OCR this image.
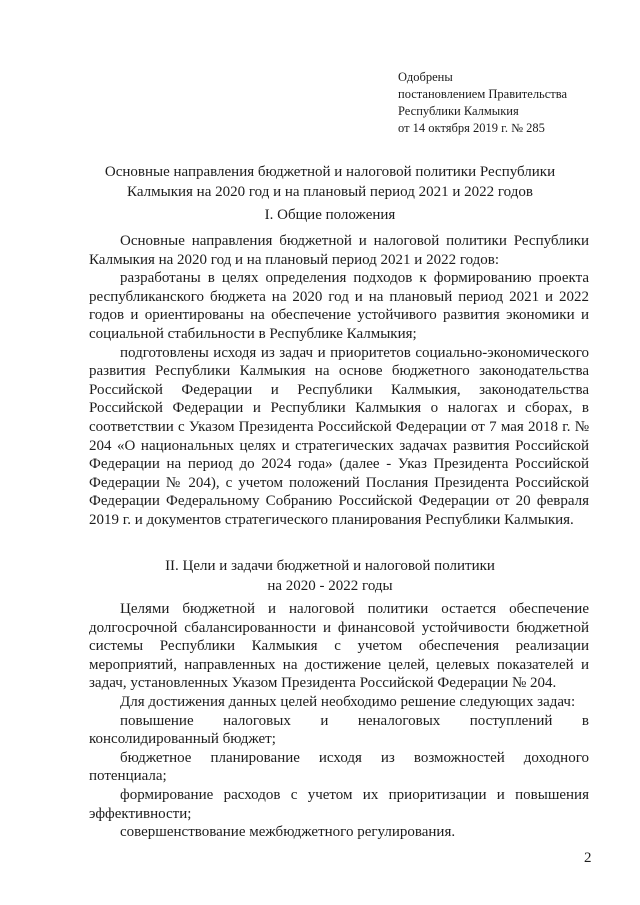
Одобрены
постановлением Правительства
Республики Калмыкия
от 14 октября 2019 г. № 285
Основные направления бюджетной и налоговой политики Республики
Калмыкия на 2020 год и на плановый период 2021 и 2022 годов
I. Общие положения

Основные направления бюджетной и налоговой политики Республики Калмыкия на 2020 год и на плановый период 2021 и 2022 годов:

разработаны в целях определения подходов к формированию проекта республиканского бюджета на 2020 год и на плановый период 2021 и 2022 годов и ориентированы на обеспечение устойчивого развития экономики и социальной стабильности в Республике Калмыкия;

подготовлены исходя из задач и приоритетов социально-экономического развития Республики Калмыкия на основе бюджетного законодательства Российской Федерации и Республики Калмыкия, законодательства Российской Федерации и Республики Калмыкия о налогах и сборах, в соответствии с Указом Президента Российской Федерации от 7 мая 2018 г. № 204 «О национальных целях и стратегических задачах развития Российской Федерации на период до 2024 года» (далее - Указ Президента Российской Федерации № 204), с учетом положений Послания Президента Российской Федерации Федеральному Собранию Российской Федерации от 20 февраля 2019 г. и документов стратегического планирования Республики Калмыкия.

II. Цели и задачи бюджетной и налоговой политики
на 2020 - 2022 годы

Целями бюджетной и налоговой политики остается обеспечение долгосрочной сбалансированности и финансовой устойчивости бюджетной системы Республики Калмыкия с учетом обеспечения реализации мероприятий, направленных на достижение целей, целевых показателей и задач, установленных Указом Президента Российской Федерации № 204.

Для достижения данных целей необходимо решение следующих задач:

повышение налоговых и неналоговых поступлений в консолидированный бюджет;

бюджетное планирование исходя из возможностей доходного потенциала;

формирование расходов с учетом их приоритизации и повышения эффективности;

совершенствование межбюджетного регулирования.

2
